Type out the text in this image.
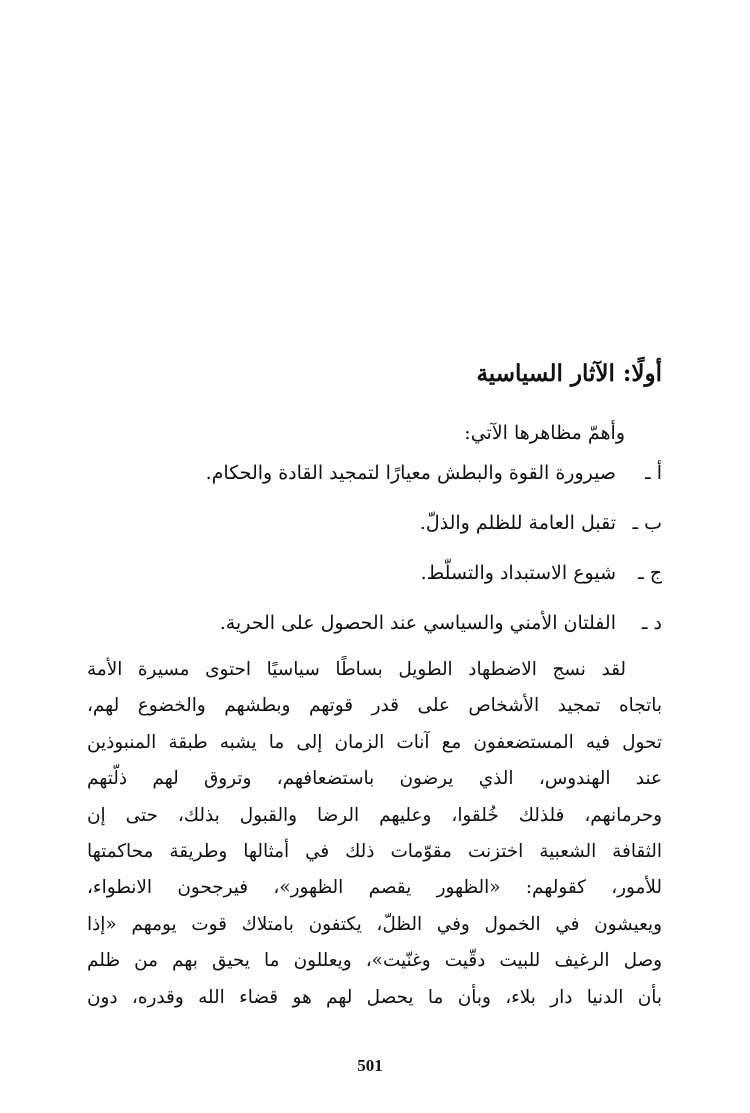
أولًا: الآثار السياسية
وأهمّ مظاهرها الآتي:
أ ـ
صيرورة القوة والبطش معيارًا لتمجيد القادة والحكام.
ب ـ
تقبل العامة للظلم والذلّ.
ج ـ
شيوع الاستبداد والتسلّط.
د ـ
الفلتان الأمني والسياسي عند الحصول على الحرية.
لقد نسج الاضطهاد الطويل بساطًا سياسيًا احتوى مسيرة الأمة
باتجاه تمجيد الأشخاص على قدر قوتهم وبطشهم والخضوع لهم،
تحول فيه المستضعفون مع آنات الزمان إلى ما يشبه طبقة المنبوذين
عند الهندوس، الذي يرضون باستضعافهم، وتروق لهم ذلّتهم
وحرمانهم، فلذلك خُلقوا، وعليهم الرضا والقبول بذلك، حتى إن
الثقافة الشعبية اختزنت مقوّمات ذلك في أمثالها وطريقة محاكمتها
للأمور، كقولهم: «الظهور يقصم الظهور»، فيرجحون الانطواء،
ويعيشون في الخمول وفي الظلّ، يكتفون بامتلاك قوت يومهم «إذا
وصل الرغيف للبيت دقّيت وغنّيت»، ويعللون ما يحيق بهم من ظلم
بأن الدنيا دار بلاء، وبأن ما يحصل لهم هو قضاء الله وقدره، دون
501
